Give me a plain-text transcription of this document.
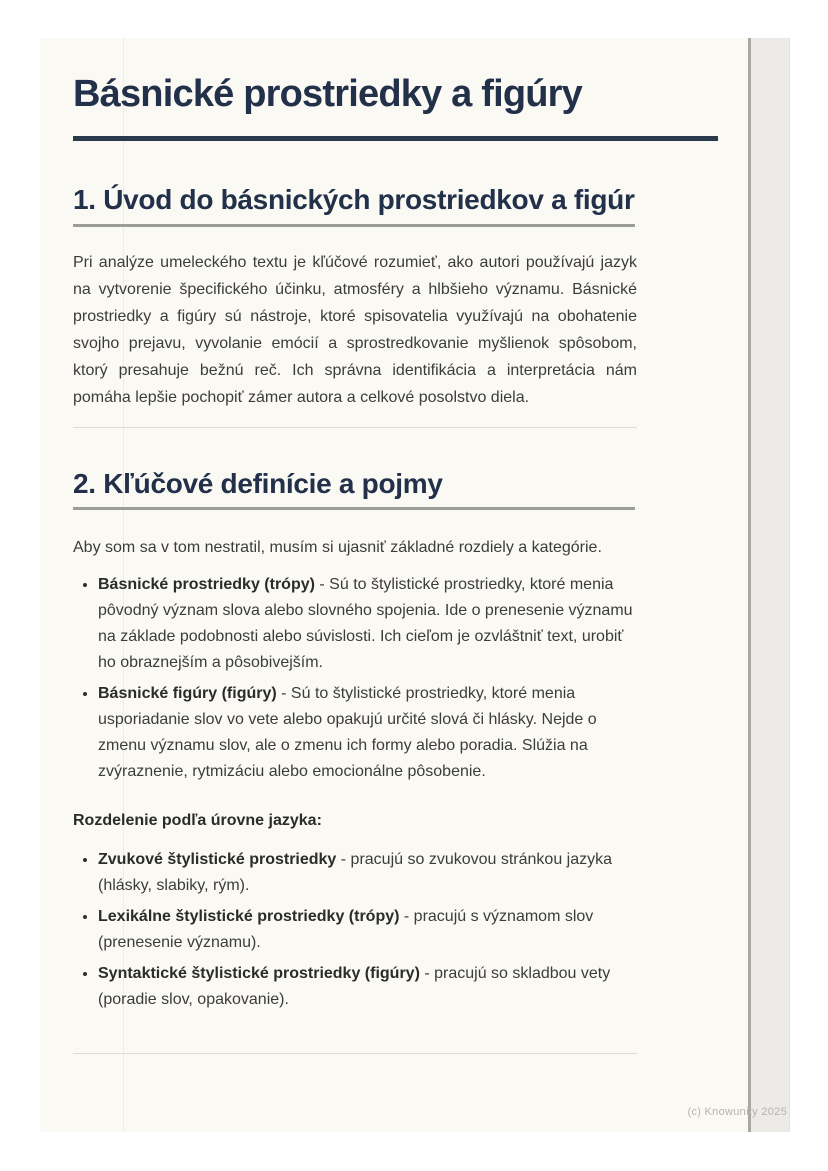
Básnické prostriedky a figúry
1. Úvod do básnických prostriedkov a figúr

Pri analýze umeleckého textu je kľúčové rozumieť, ako autori používajú jazyk na vytvorenie špecifického účinku, atmosféry a hlbšieho významu. Básnické prostriedky a figúry sú nástroje, ktoré spisovatelia využívajú na obohatenie svojho prejavu, vyvolanie emócií a sprostredkovanie myšlienok spôsobom, ktorý presahuje bežnú reč. Ich správna identifikácia a interpretácia nám pomáha lepšie pochopiť zámer autora a celkové posolstvo diela.

2. Kľúčové definície a pojmy

Aby som sa v tom nestratil, musím si ujasniť základné rozdiely a kategórie.

• Básnické prostriedky (trópy) - Sú to štylistické prostriedky, ktoré menia pôvodný význam slova alebo slovného spojenia. Ide o prenesenie významu na základe podobnosti alebo súvislosti. Ich cieľom je ozvláštniť text, urobiť ho obraznejším a pôsobivejším.
• Básnické figúry (figúry) - Sú to štylistické prostriedky, ktoré menia usporiadanie slov vo vete alebo opakujú určité slová či hlásky. Nejde o zmenu významu slov, ale o zmenu ich formy alebo poradia. Slúžia na zvýraznenie, rytmizáciu alebo emocionálne pôsobenie.

Rozdelenie podľa úrovne jazyka:

• Zvukové štylistické prostriedky - pracujú so zvukovou stránkou jazyka (hlásky, slabiky, rým).
• Lexikálne štylistické prostriedky (trópy) - pracujú s významom slov (prenesenie významu).
• Syntaktické štylistické prostriedky (figúry) - pracujú so skladbou vety (poradie slov, opakovanie).
(c) Knowunity 2025
